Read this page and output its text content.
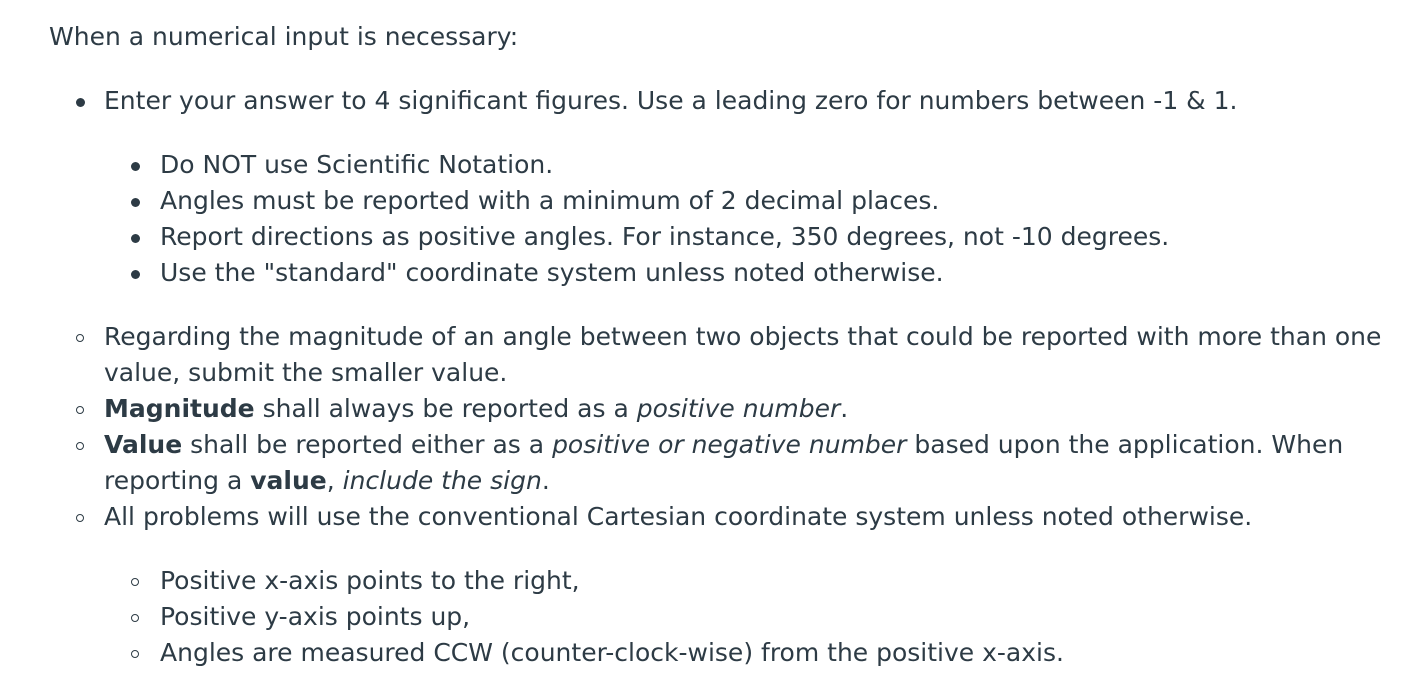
When a numerical input is necessary:

Enter your answer to 4 significant figures. Use a leading zero for numbers between -1 & 1.
Do NOT use Scientific Notation.
Angles must be reported with a minimum of 2 decimal places.
Report directions as positive angles. For instance, 350 degrees, not -10 degrees.
Use the "standard" coordinate system unless noted otherwise.
Regarding the magnitude of an angle between two objects that could be reported with more than one value, submit the smaller value.
Magnitude shall always be reported as a positive number.
Value shall be reported either as a positive or negative number based upon the application. When reporting a value, include the sign.
All problems will use the conventional Cartesian coordinate system unless noted otherwise.
Positive x-axis points to the right,
Positive y-axis points up,
Angles are measured CCW (counter-clock-wise) from the positive x-axis.
